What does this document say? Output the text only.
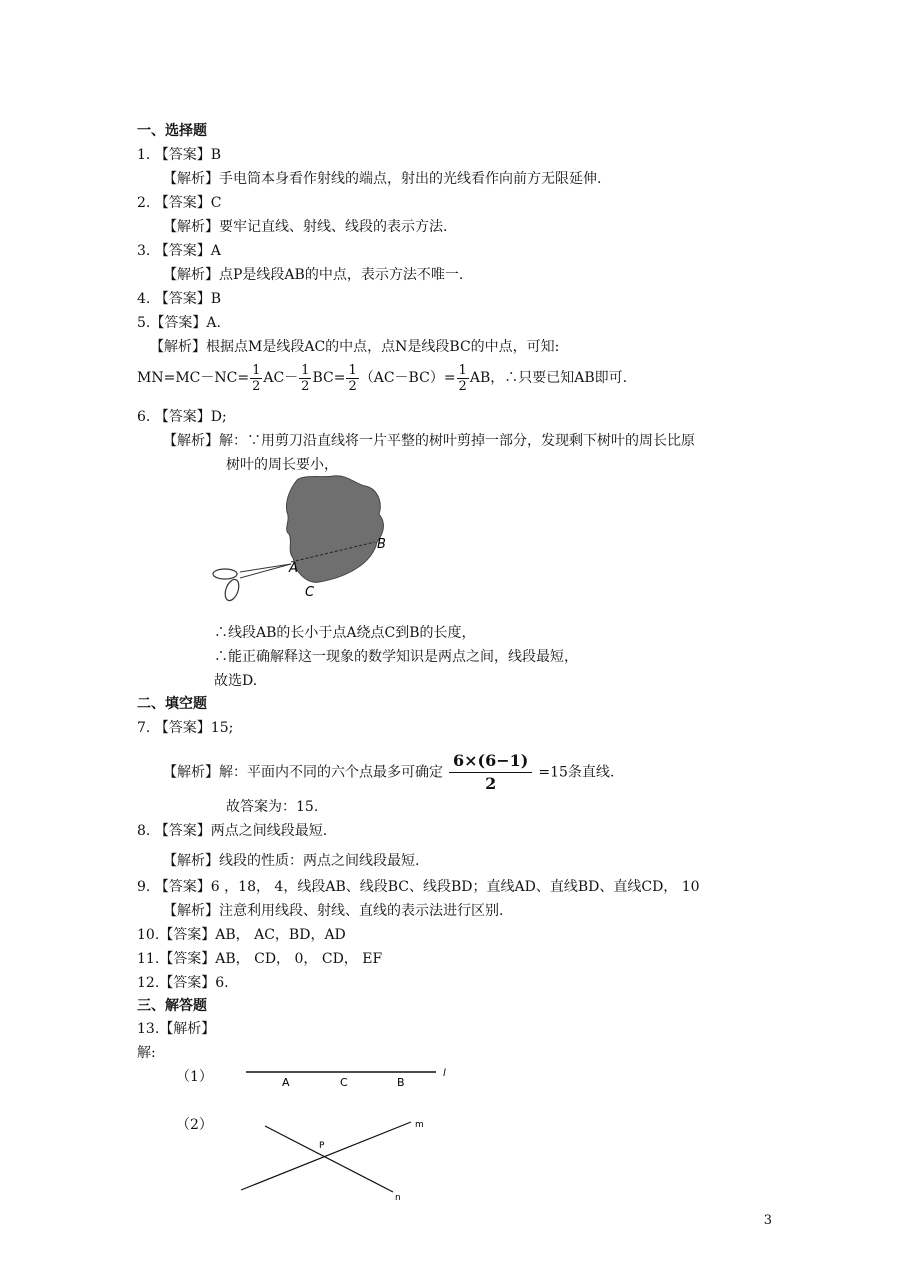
一、选择题
1. 【答案】B
【解析】手电筒本身看作射线的端点，射出的光线看作向前方无限延伸.
2. 【答案】C
【解析】要牢记直线、射线、线段的表示方法.
3. 【答案】A
【解析】点P是线段AB的中点，表示方法不唯一.
4. 【答案】B
5.【答案】A.
【解析】根据点M是线段AC的中点，点N是线段BC的中点，可知:
$MN=MC-NC= \frac{1}{2} AC- \frac{1}{2} BC= \frac{1}{2} (AC-BC)= \frac{1}{2}$ AB，∴只要已知AB即可.
6. 【答案】D;
【解析】解：∵用剪刀沿直线将一片平整的树叶剪掉一部分，发现剩下树叶的周长比原
树叶的周长要小，
A
B
C
∴线段AB的长小于点A绕点C到B的长度，
∴能正确解释这一现象的数学知识是两点之间，线段最短，
故选D.
二、填空题
7. 【答案】15;
【解析】解：平面内不同的六个点最多可确定 $\frac{6\times(6-1)}{2} =15$条直线.
故答案为：15.
8. 【答案】两点之间线段最短.
【解析】线段的性质：两点之间线段最短.
9. 【答案】6 ，18， 4，线段AB、线段BC、线段BD；直线AD、直线BD、直线CD， 10
【解析】注意利用线段、射线、直线的表示法进行区别.
10.【答案】AB， AC，BD，AD
11.【答案】AB， CD， 0， CD， EF
12.【答案】6.
三、解答题
13.【解析】
解:
（1）	A	C	B
l
（2）
P
m
n
3
